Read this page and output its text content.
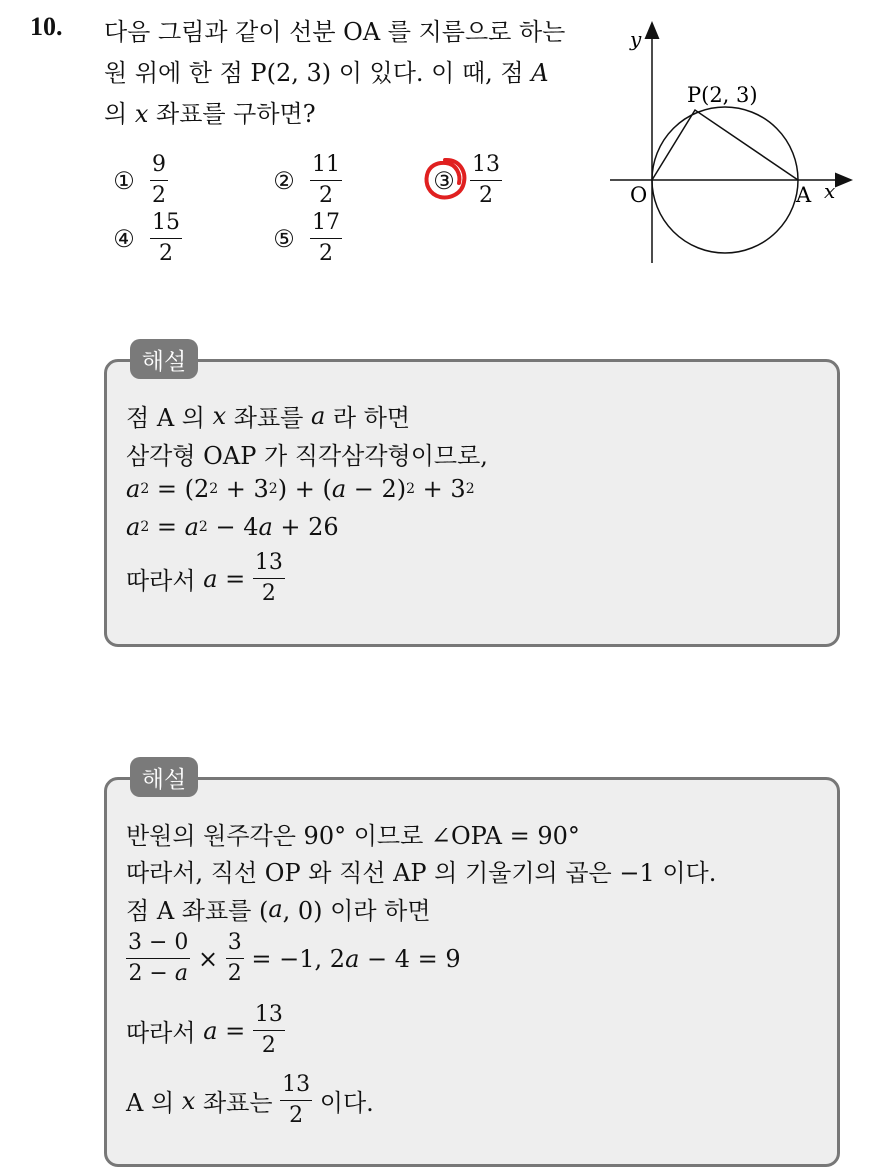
10. 다음 그림과 같이 선분 OA 를 지름으로 하는
원 위에 한 점 P(2, 3) 이 있다. 이 때, 점 A
의 x 좌표를 구하면?
① $\frac{9}{2}$	② $\frac{11}{2}$	③ $\frac{13}{2}$
④ $\frac{15}{2}$	⑤ $\frac{17}{2}$
y
x
P(2, 3)
O	A
해설
점 A 의 x 좌표를 a 라 하면
삼각형 OAP 가 직각삼각형이므로,
a 2 = (2 2 + 3 2 ) + ( a − 2) 2 + 3 2
a 2 = a 2 − 4 a + 26
따라서 $a = \frac{13}{2}$
해설
반원의 원주각은 90° 이므로 ∠OPA = 90°
따라서, 직선 OP 와 직선 AP 의 기울기의 곱은 −1 이다.
점 A 좌표를 ( a , 0) 이라 하면
$\frac{3 - 0}{2 - a} \times \frac{3}{2} = -1$, 2 a − 4 = 9
따라서 $a = \frac{13}{2}$
A 의 x 좌표는 $\frac{13}{2}$ 이다.
